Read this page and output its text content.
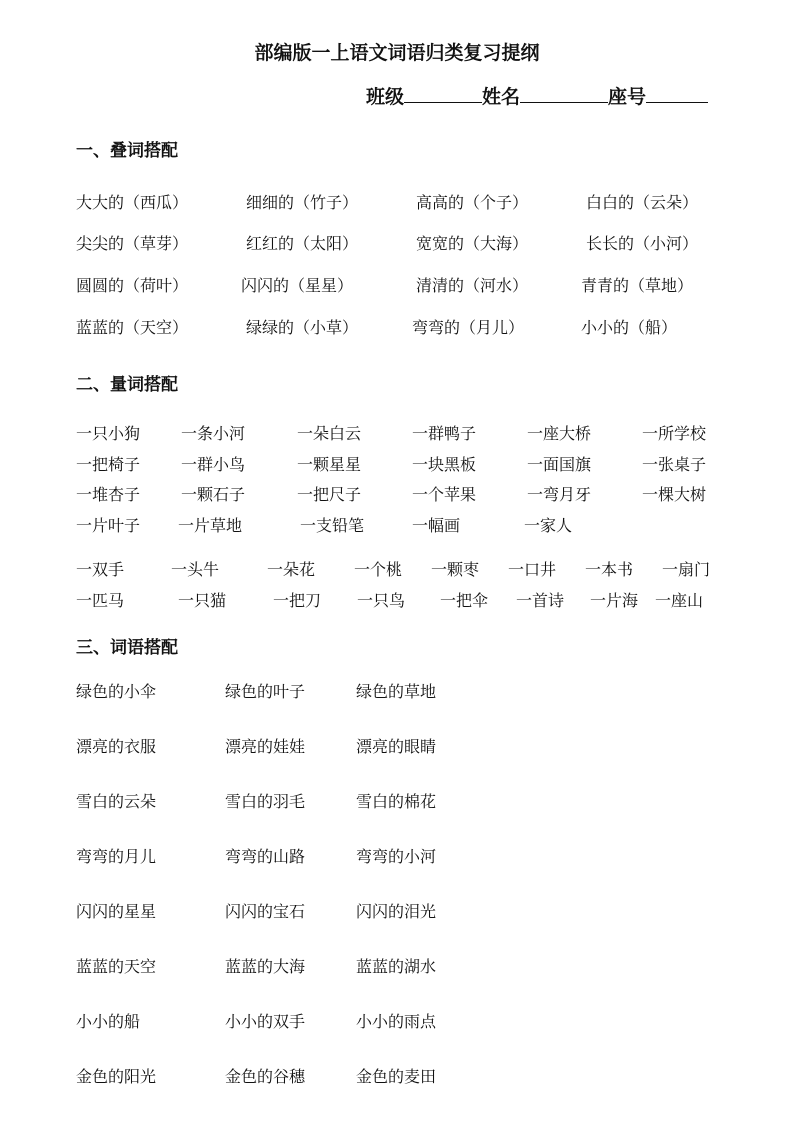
部编版一上语文词语归类复习提纲
班级	姓名	座号
一、叠词搭配
大大的（西瓜）	细细的（竹子）	高高的（个子）	白白的（云朵）
尖尖的（草芽）	红红的（太阳）	宽宽的（大海）	长长的（小河）
圆圆的（荷叶）	闪闪的（星星）	清清的（河水）	青青的（草地）
蓝蓝的（天空）	绿绿的（小草）	弯弯的（月儿）	小小的（船）
二、量词搭配
一只小狗	一条小河	一朵白云	一群鸭子	一座大桥	一所学校
一把椅子	一群小鸟	一颗星星	一块黑板	一面国旗	一张桌子
一堆杏子	一颗石子	一把尺子	一个苹果	一弯月牙	一棵大树
一片叶子 一片草地	一支铅笔	一幅画	一家人
一双手	一头牛	一朵花 一个桃 一颗枣 一口井 一本书 一扇门
一匹马	一只猫	一把刀 一只鸟 一把伞 一首诗 一片海 一座山
三、词语搭配
绿色的小伞	绿色的叶子	绿色的草地
漂亮的衣服	漂亮的娃娃	漂亮的眼睛
雪白的云朵	雪白的羽毛	雪白的棉花
弯弯的月儿	弯弯的山路	弯弯的小河
闪闪的星星	闪闪的宝石	闪闪的泪光
蓝蓝的天空	蓝蓝的大海	蓝蓝的湖水
小小的船	小小的双手	小小的雨点
金色的阳光	金色的谷穗	金色的麦田
